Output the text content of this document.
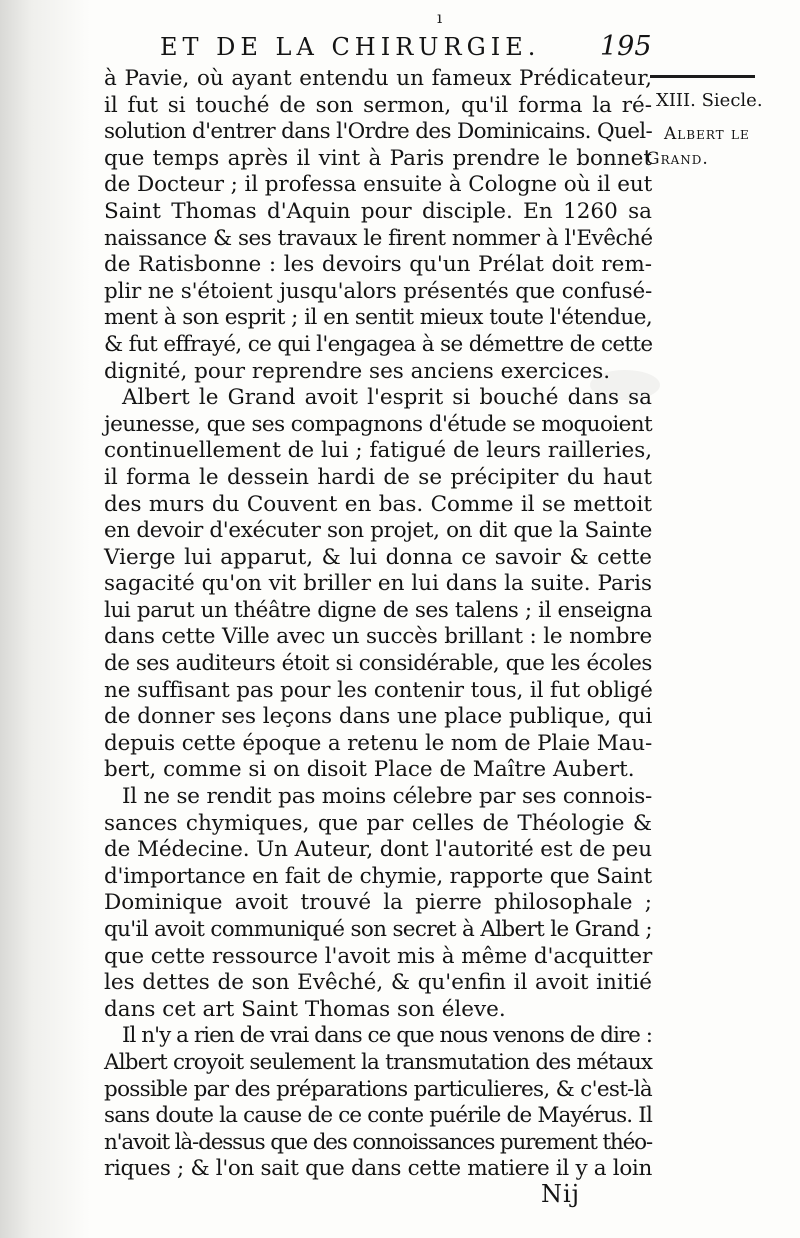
ı
ET DE LA CHIRURGIE.	195
XIII. Siecle.
Albert le
Grand.
à Pavie, où ayant entendu un fameux Prédicateur,
il fut si touché de son sermon, qu'il forma la ré-
solution d'entrer dans l'Ordre des Dominicains. Quel-
que temps après il vint à Paris prendre le bonnet
de Docteur ; il professa ensuite à Cologne où il eut
Saint Thomas d'Aquin pour disciple. En 1260 sa
naissance & ses travaux le firent nommer à l'Evêché
de Ratisbonne : les devoirs qu'un Prélat doit rem-
plir ne s'étoient jusqu'alors présentés que confusé-
ment à son esprit ; il en sentit mieux toute l'étendue,
& fut effrayé, ce qui l'engagea à se démettre de cette
dignité, pour reprendre ses anciens exercices.
Albert le Grand avoit l'esprit si bouché dans sa
jeunesse, que ses compagnons d'étude se moquoient
continuellement de lui ; fatigué de leurs railleries,
il forma le dessein hardi de se précipiter du haut
des murs du Couvent en bas. Comme il se mettoit
en devoir d'exécuter son projet, on dit que la Sainte
Vierge lui apparut, & lui donna ce savoir & cette
sagacité qu'on vit briller en lui dans la suite. Paris
lui parut un théâtre digne de ses talens ; il enseigna
dans cette Ville avec un succès brillant : le nombre
de ses auditeurs étoit si considérable, que les écoles
ne suffisant pas pour les contenir tous, il fut obligé
de donner ses leçons dans une place publique, qui
depuis cette époque a retenu le nom de Plaie Mau-
bert, comme si on disoit Place de Maître Aubert.
Il ne se rendit pas moins célebre par ses connois-
sances chymiques, que par celles de Théologie &
de Médecine. Un Auteur, dont l'autorité est de peu
d'importance en fait de chymie, rapporte que Saint
Dominique avoit trouvé la pierre philosophale ;
qu'il avoit communiqué son secret à Albert le Grand ;
que cette ressource l'avoit mis à même d'acquitter
les dettes de son Evêché, & qu'enfin il avoit initié
dans cet art Saint Thomas son éleve.
Il n'y a rien de vrai dans ce que nous venons de dire :
Albert croyoit seulement la transmutation des métaux
possible par des préparations particulieres, & c'est-là
sans doute la cause de ce conte puérile de Mayérus. Il
n'avoit là-dessus que des connoissances purement théo-
riques ; & l'on sait que dans cette matiere il y a loin
Nij
